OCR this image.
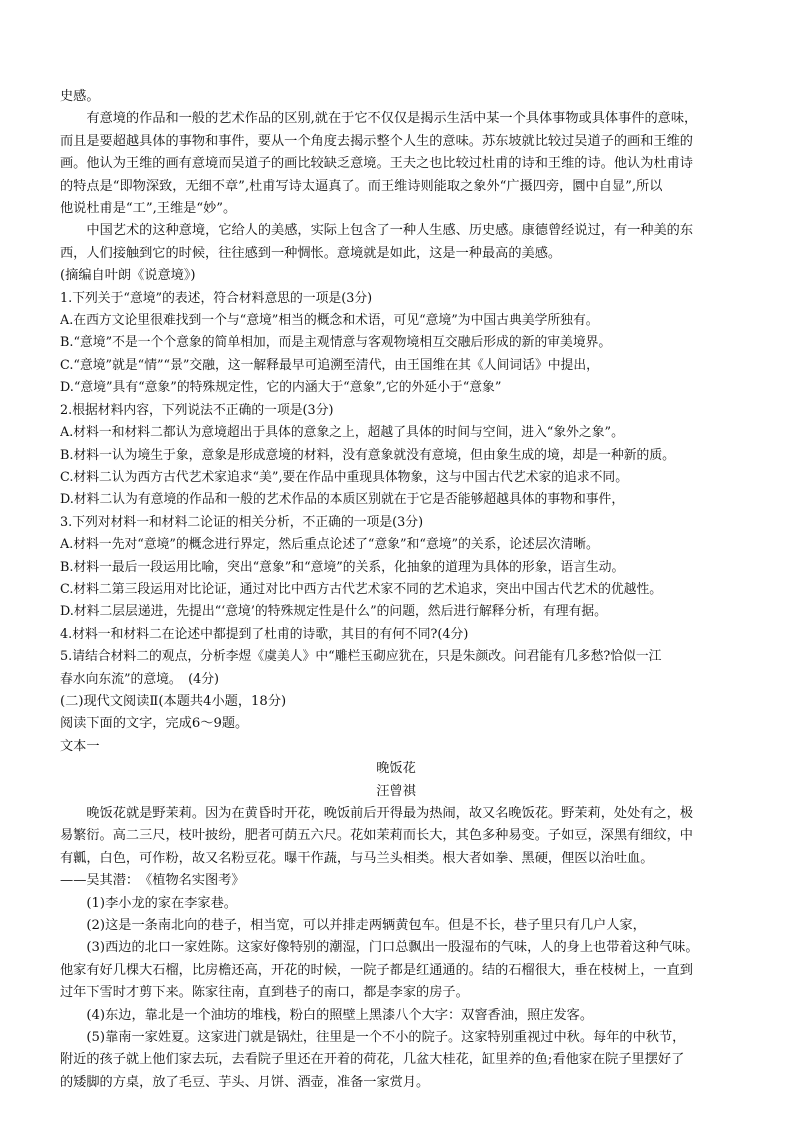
史感。
有意境的作品和一般的艺术作品的区别,就在于它不仅仅是揭示生活中某一个具体事物或具体事件的意味，
而且是要超越具体的事物和事件，要从一个角度去揭示整个人生的意味。苏东坡就比较过吴道子的画和王维的
画。他认为王维的画有意境而吴道子的画比较缺乏意境。王夫之也比较过杜甫的诗和王维的诗。他认为杜甫诗
的特点是“即物深致，无细不章”,杜甫写诗太逼真了。而王维诗则能取之象外“广摄四旁，圜中自显”,所以
他说杜甫是“工”,王维是“妙”。
中国艺术的这种意境，它给人的美感，实际上包含了一种人生感、历史感。康德曾经说过，有一种美的东
西，人们接触到它的时候，往往感到一种惆怅。意境就是如此，这是一种最高的美感。
(摘编自叶朗《说意境》)
1.下列关于“意境”的表述，符合材料意思的一项是(3分)
A.在西方文论里很难找到一个与“意境”相当的概念和术语，可见“意境”为中国古典美学所独有。
B.“意境”不是一个个意象的简单相加，而是主观情意与客观物境相互交融后形成的新的审美境界。
C.“意境”就是“情”“景”交融，这一解释最早可追溯至清代，由王国维在其《人间词话》中提出，
D.“意境”具有“意象”的特殊规定性，它的内涵大于“意象”,它的外延小于“意象”
2.根据材料内容，下列说法不正确的一项是(3分)
A.材料一和材料二都认为意境超出于具体的意象之上，超越了具体的时间与空间，进入“象外之象”。
B.材料一认为境生于象，意象是形成意境的材料，没有意象就没有意境，但由象生成的境，却是一种新的质。
C.材料二认为西方古代艺术家追求“美”,要在作品中重现具体物象，这与中国古代艺术家的追求不同。
D.材料二认为有意境的作品和一般的艺术作品的本质区别就在于它是否能够超越具体的事物和事件，
3.下列对材料一和材料二论证的相关分析，不正确的一项是(3分)
A.材料一先对“意境”的概念进行界定，然后重点论述了“意象”和“意境”的关系，论述层次清晰。
B.材料一最后一段运用比喻，突出“意象”和“意境”的关系，化抽象的道理为具体的形象，语言生动。
C.材料二第三段运用对比论证，通过对比中西方古代艺术家不同的艺术追求，突出中国古代艺术的优越性。
D.材料二层层递进，先提出“‘意境’的特殊规定性是什么”的问题，然后进行解释分析，有理有据。
4.材料一和材料二在论述中都提到了杜甫的诗歌，其目的有何不同?(4分)
5.请结合材料二的观点，分析李煜《虞美人》中“雕栏玉砌应犹在，只是朱颜改。问君能有几多愁?恰似一江
春水向东流”的意境。　(4分)
(二)现代文阅读Ⅱ(本题共4小题，18分)
阅读下面的文字，完成6～9题。
文本一
晚饭花
汪曾祺
晚饭花就是野茉莉。因为在黄昏时开花，晚饭前后开得最为热闹，故又名晚饭花。野茉莉，处处有之，极
易繁衍。高二三尺，枝叶披纷，肥者可荫五六尺。花如茉莉而长大，其色多种易变。子如豆，深黑有细纹，中
有瓤，白色，可作粉，故又名粉豆花。曝干作蔬，与马兰头相类。根大者如拳、黑硬，俚医以治吐血。
——吴其潜：　《植物名实图考》
(1)李小龙的家在李家巷。
(2)这是一条南北向的巷子，相当宽，可以并排走两辆黄包车。但是不长，巷子里只有几户人家，
(3)西边的北口一家姓陈。这家好像特别的潮湿，门口总飘出一股湿布的气味，人的身上也带着这种气味。
他家有好几棵大石榴，比房檐还高，开花的时候，一院子都是红通通的。结的石榴很大，垂在枝树上，一直到
过年下雪时才剪下来。陈家往南，直到巷子的南口，都是李家的房子。
(4)东边，靠北是一个油坊的堆栈，粉白的照壁上黑漆八个大字：双窨香油，照庄发客。
(5)靠南一家姓夏。这家进门就是锅灶，往里是一个不小的院子。这家特别重视过中秋。每年的中秋节，
附近的孩子就上他们家去玩，去看院子里还在开着的荷花，几盆大桂花，缸里养的鱼;看他家在院子里摆好了
的矮脚的方桌，放了毛豆、芋头、月饼、酒壶，准备一家赏月。
